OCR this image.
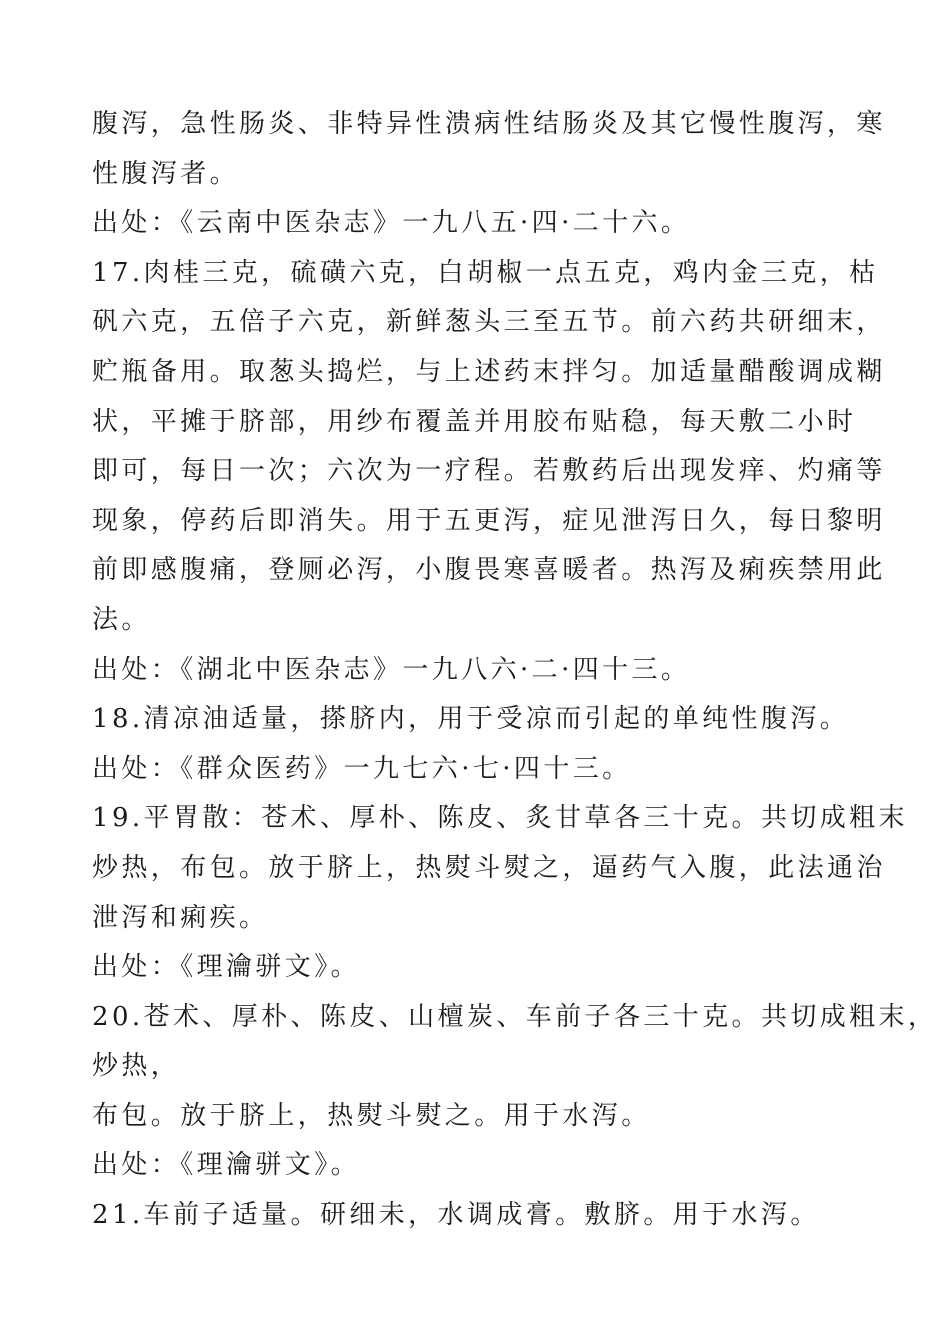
腹泻，急性肠炎、非特异性溃病性结肠炎及其它慢性腹泻，寒
性腹泻者。
出处：《云南中医杂志》一九八五·四·二十六。
17.肉桂三克，硫磺六克，白胡椒一点五克，鸡内金三克，枯
矾六克，五倍子六克，新鲜葱头三至五节。前六药共研细末，
贮瓶备用。取葱头捣烂，与上述药末拌匀。加适量醋酸调成糊
状，平摊于脐部，用纱布覆盖并用胶布贴稳，每天敷二小时
即可，每日一次；六次为一疗程。若敷药后出现发痒、灼痛等
现象，停药后即消失。用于五更泻，症见泄泻日久，每日黎明
前即感腹痛，登厕必泻，小腹畏寒喜暖者。热泻及痢疾禁用此
法。
出处：《湖北中医杂志》一九八六·二·四十三。
18.清凉油适量，搽脐内，用于受凉而引起的单纯性腹泻。
出处：《群众医药》一九七六·七·四十三。
19.平胃散：苍术、厚朴、陈皮、炙甘草各三十克。共切成粗末
炒热，布包。放于脐上，热熨斗熨之，逼药气入腹，此法通治
泄泻和痢疾。
出处：《理瀹骈文》。
20.苍术、厚朴、陈皮、山檀炭、车前子各三十克。共切成粗末，
炒热，
布包。放于脐上，热熨斗熨之。用于水泻。
出处：《理瀹骈文》。
21.车前子适量。研细未，水调成膏。敷脐。用于水泻。
